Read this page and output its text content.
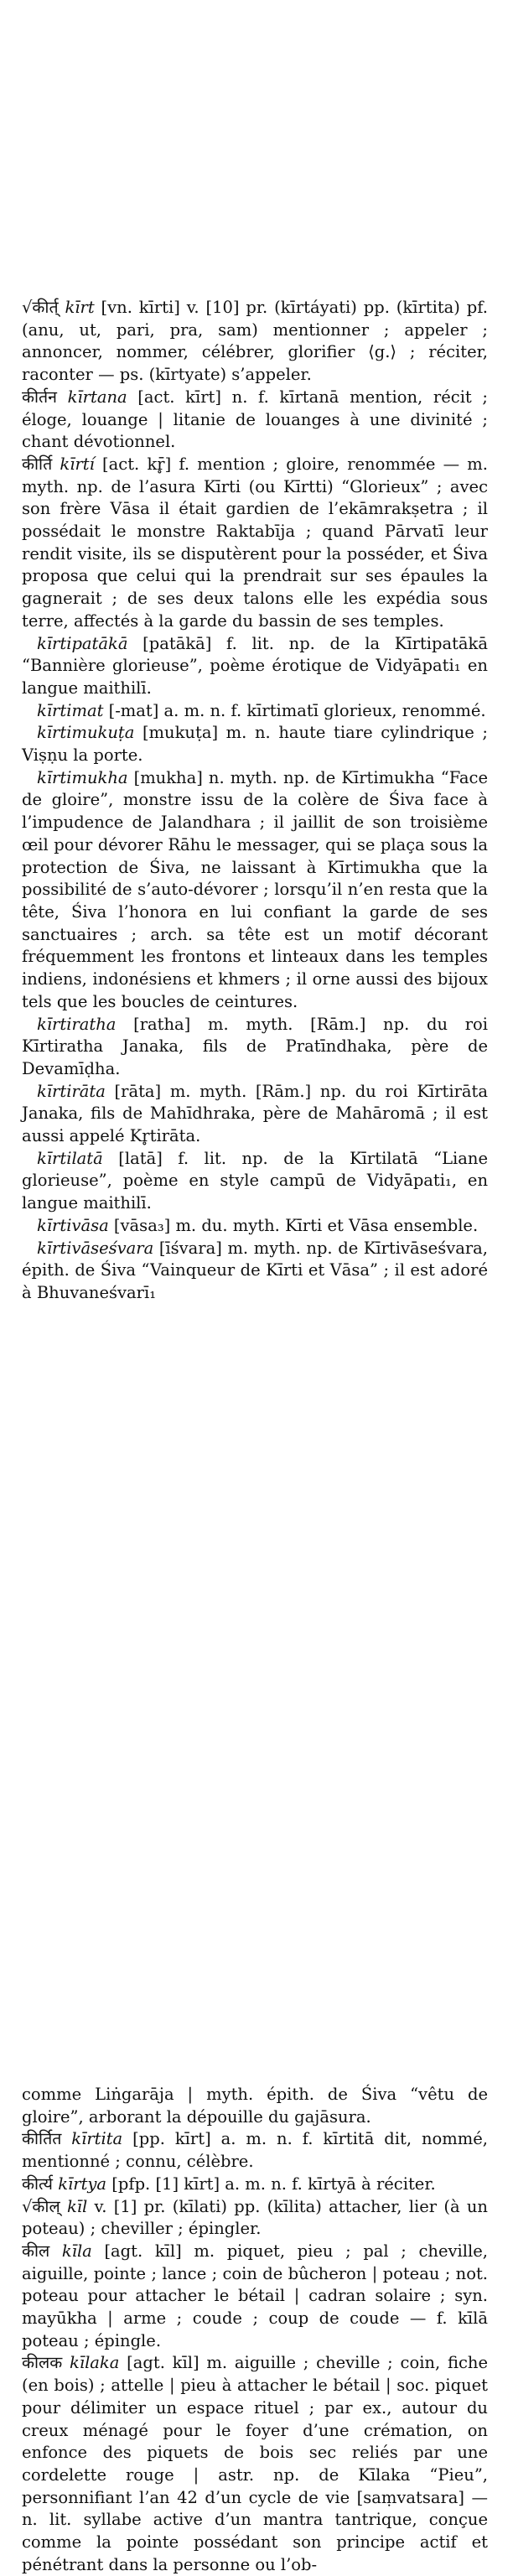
√कीर्त् kīrt [vn. kīrti] v. [10] pr. (kīrtáyati) pp. (kīrtita) pf. (anu, ut, pari, pra, sam) mentionner ; appeler ; annoncer, nommer, célébrer, glorifier ⟨g.⟩ ; réciter, raconter — ps. (kīrtyate) s’appeler.

कीर्तन kīrtana [act. kīrt] n. f. kīrtanā mention, récit ; éloge, louange | litanie de louanges à une divinité ; chant dévotionnel.

कीर्ति kīrtí [act. kr̥̄] f. mention ; gloire, renommée — m. myth. np. de l’asura Kīrti (ou Kīrtti) “Glorieux” ; avec son frère Vāsa il était gardien de l’ekāmrakṣetra ; il possédait le monstre Raktabīja ; quand Pārvatī leur rendit visite, ils se disputèrent pour la posséder, et Śiva proposa que celui qui la prendrait sur ses épaules la gagnerait ; de ses deux talons elle les expédia sous terre, affectés à la garde du bassin de ses temples.

kīrtipatākā [patākā] f. lit. np. de la Kīrtipatākā “Bannière glorieuse”, poème érotique de Vidyāpati₁ en langue maithilī.

kīrtimat [-mat] a. m. n. f. kīrtimatī glorieux, renommé.

kīrtimukuṭa [mukuṭa] m. n. haute tiare cylindrique ; Viṣṇu la porte.

kīrtimukha [mukha] n. myth. np. de Kīrtimukha “Face de gloire”, monstre issu de la colère de Śiva face à l’impudence de Jalandhara ; il jaillit de son troisième œil pour dévorer Rāhu le messager, qui se plaça sous la protection de Śiva, ne laissant à Kīrtimukha que la possibilité de s’auto-dévorer ; lorsqu’il n’en resta que la tête, Śiva l’honora en lui confiant la garde de ses sanctuaires ; arch. sa tête est un motif décorant fréquemment les frontons et linteaux dans les temples indiens, indonésiens et khmers ; il orne aussi des bijoux tels que les boucles de ceintures.

kīrtiratha [ratha] m. myth. [Rām.] np. du roi Kīrtiratha Janaka, fils de Pratīndhaka, père de Devamīḍha.

kīrtirāta [rāta] m. myth. [Rām.] np. du roi Kīrtirāta Janaka, fils de Mahīdhraka, père de Mahāromā ; il est aussi appelé Kr̥tirāta.

kīrtilatā [latā] f. lit. np. de la Kīrtilatā “Liane glorieuse”, poème en style campū de Vidyāpati₁, en langue maithilī.

kīrtivāsa [vāsa₃] m. du. myth. Kīrti et Vāsa ensemble.

kīrtivāseśvara [īśvara] m. myth. np. de Kīrtivāseśvara, épith. de Śiva “Vainqueur de Kīrti et Vāsa” ; il est adoré à Bhuvaneśvarī₁

comme Liṅgarāja | myth. épith. de Śiva “vêtu de gloire”, arborant la dépouille du gajāsura.

कीर्तित kīrtita [pp. kīrt] a. m. n. f. kīrtitā dit, nommé, mentionné ; connu, célèbre.

कीर्त्य kīrtya [pfp. [1] kīrt] a. m. n. f. kīrtyā à réciter.

√कील् kīl v. [1] pr. (kīlati) pp. (kīlita) attacher, lier (à un poteau) ; cheviller ; épingler.

कील kīla [agt. kīl] m. piquet, pieu ; pal ; cheville, aiguille, pointe ; lance ; coin de bûcheron | poteau ; not. poteau pour attacher le bétail | cadran solaire ; syn. mayūkha | arme ; coude ; coup de coude — f. kīlā poteau ; épingle.

कीलक kīlaka [agt. kīl] m. aiguille ; cheville ; coin, fiche (en bois) ; attelle | pieu à attacher le bétail | soc. piquet pour délimiter un espace rituel ; par ex., autour du creux ménagé pour le foyer d’une crémation, on enfonce des piquets de bois sec reliés par une cordelette rouge | astr. np. de Kīlaka “Pieu”, personnifiant l’an 42 d’un cycle de vie [saṃvatsara] — n. lit. syllabe active d’un mantra tantrique, conçue comme la pointe possédant son principe actif et pénétrant dans la personne ou l’ob-
